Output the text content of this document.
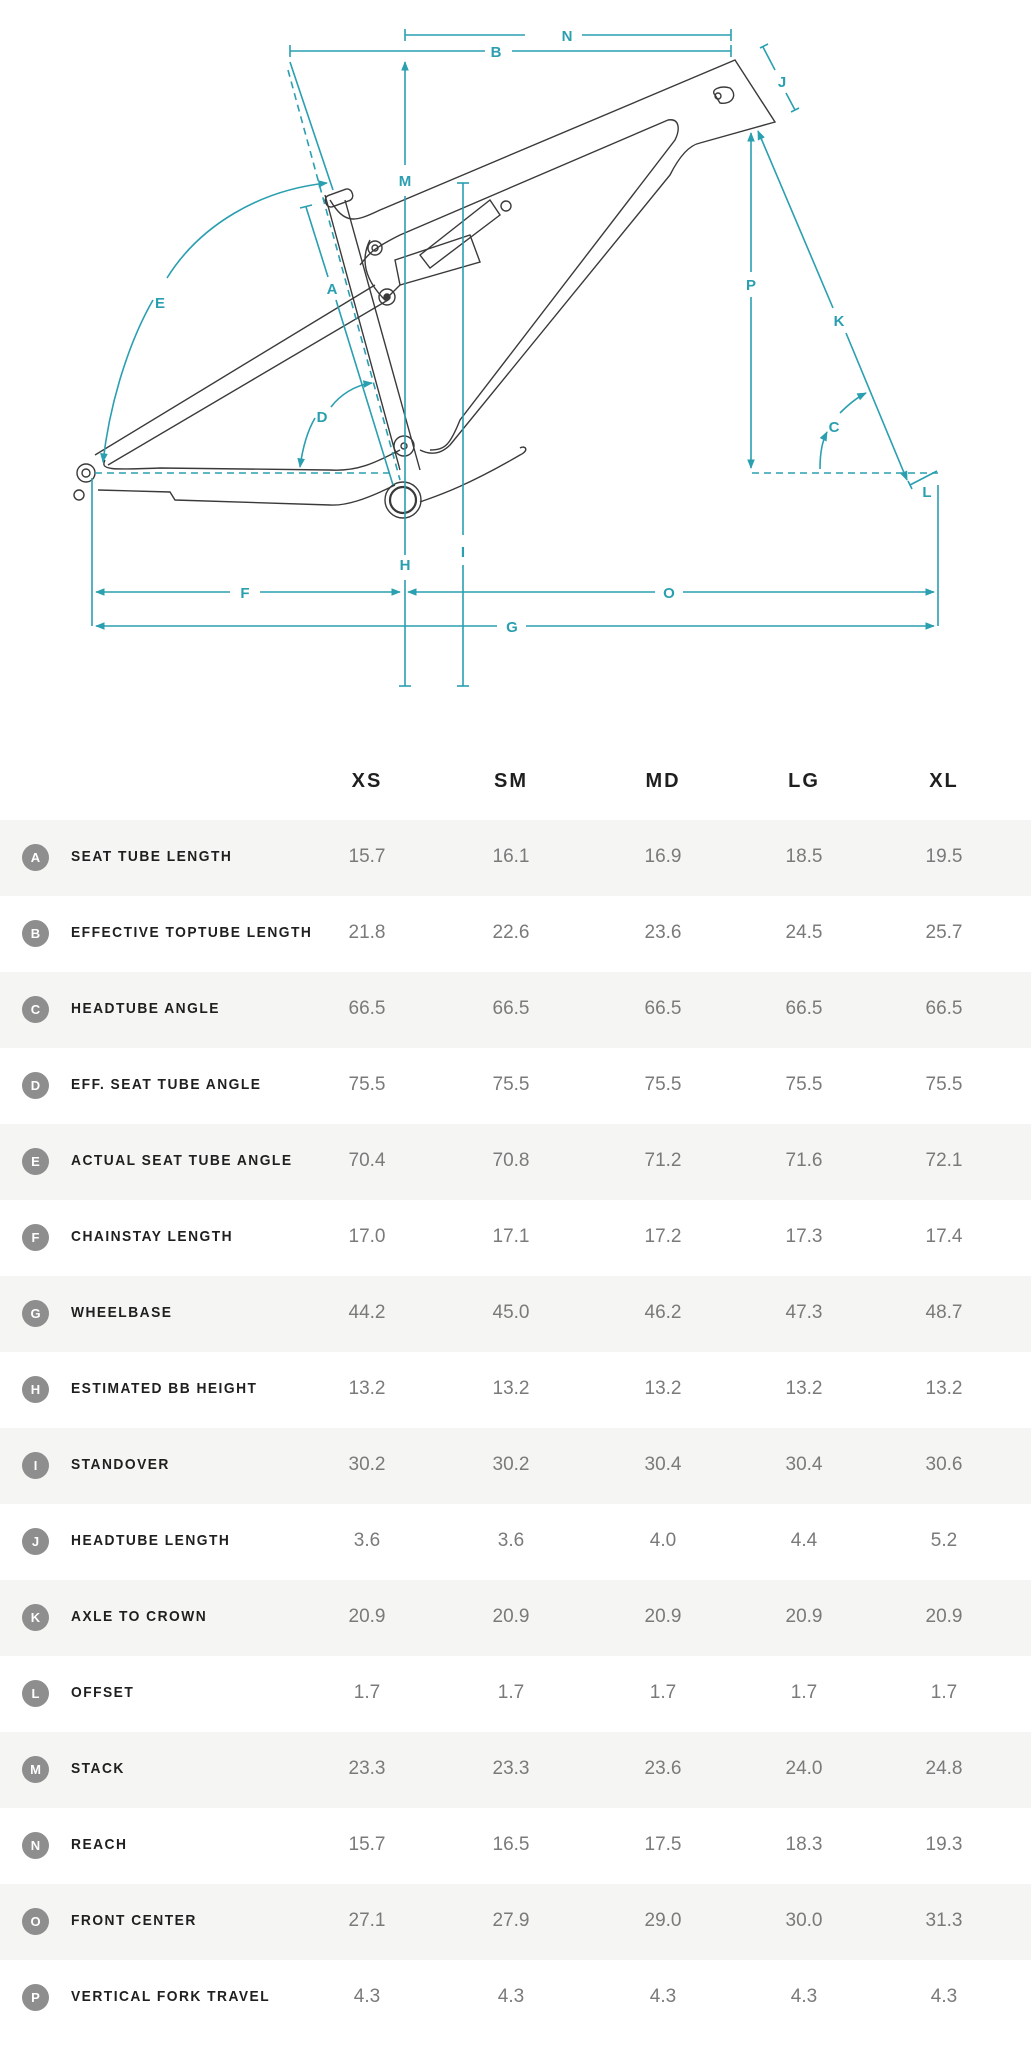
N
B
J
M
A
E
D
P
K
C
L
H
I
F	O
G
XS	SM	MD	LG	XL
A	SEAT TUBE LENGTH	15.7	16.1	16.9	18.5	19.5
B	EFFECTIVE TOPTUBE LENGTH	21.8	22.6	23.6	24.5	25.7
C	HEADTUBE ANGLE	66.5	66.5	66.5	66.5	66.5
D	EFF. SEAT TUBE ANGLE	75.5	75.5	75.5	75.5	75.5
E	ACTUAL SEAT TUBE ANGLE	70.4	70.8	71.2	71.6	72.1
F	CHAINSTAY LENGTH	17.0	17.1	17.2	17.3	17.4
G	WHEELBASE	44.2	45.0	46.2	47.3	48.7
H	ESTIMATED BB HEIGHT	13.2	13.2	13.2	13.2	13.2
I	STANDOVER	30.2	30.2	30.4	30.4	30.6
J	HEADTUBE LENGTH	3.6	3.6	4.0	4.4	5.2
K	AXLE TO CROWN	20.9	20.9	20.9	20.9	20.9
L	OFFSET	1.7	1.7	1.7	1.7	1.7
M	STACK	23.3	23.3	23.6	24.0	24.8
N	REACH	15.7	16.5	17.5	18.3	19.3
O	FRONT CENTER	27.1	27.9	29.0	30.0	31.3
P	VERTICAL FORK TRAVEL	4.3	4.3	4.3	4.3	4.3
